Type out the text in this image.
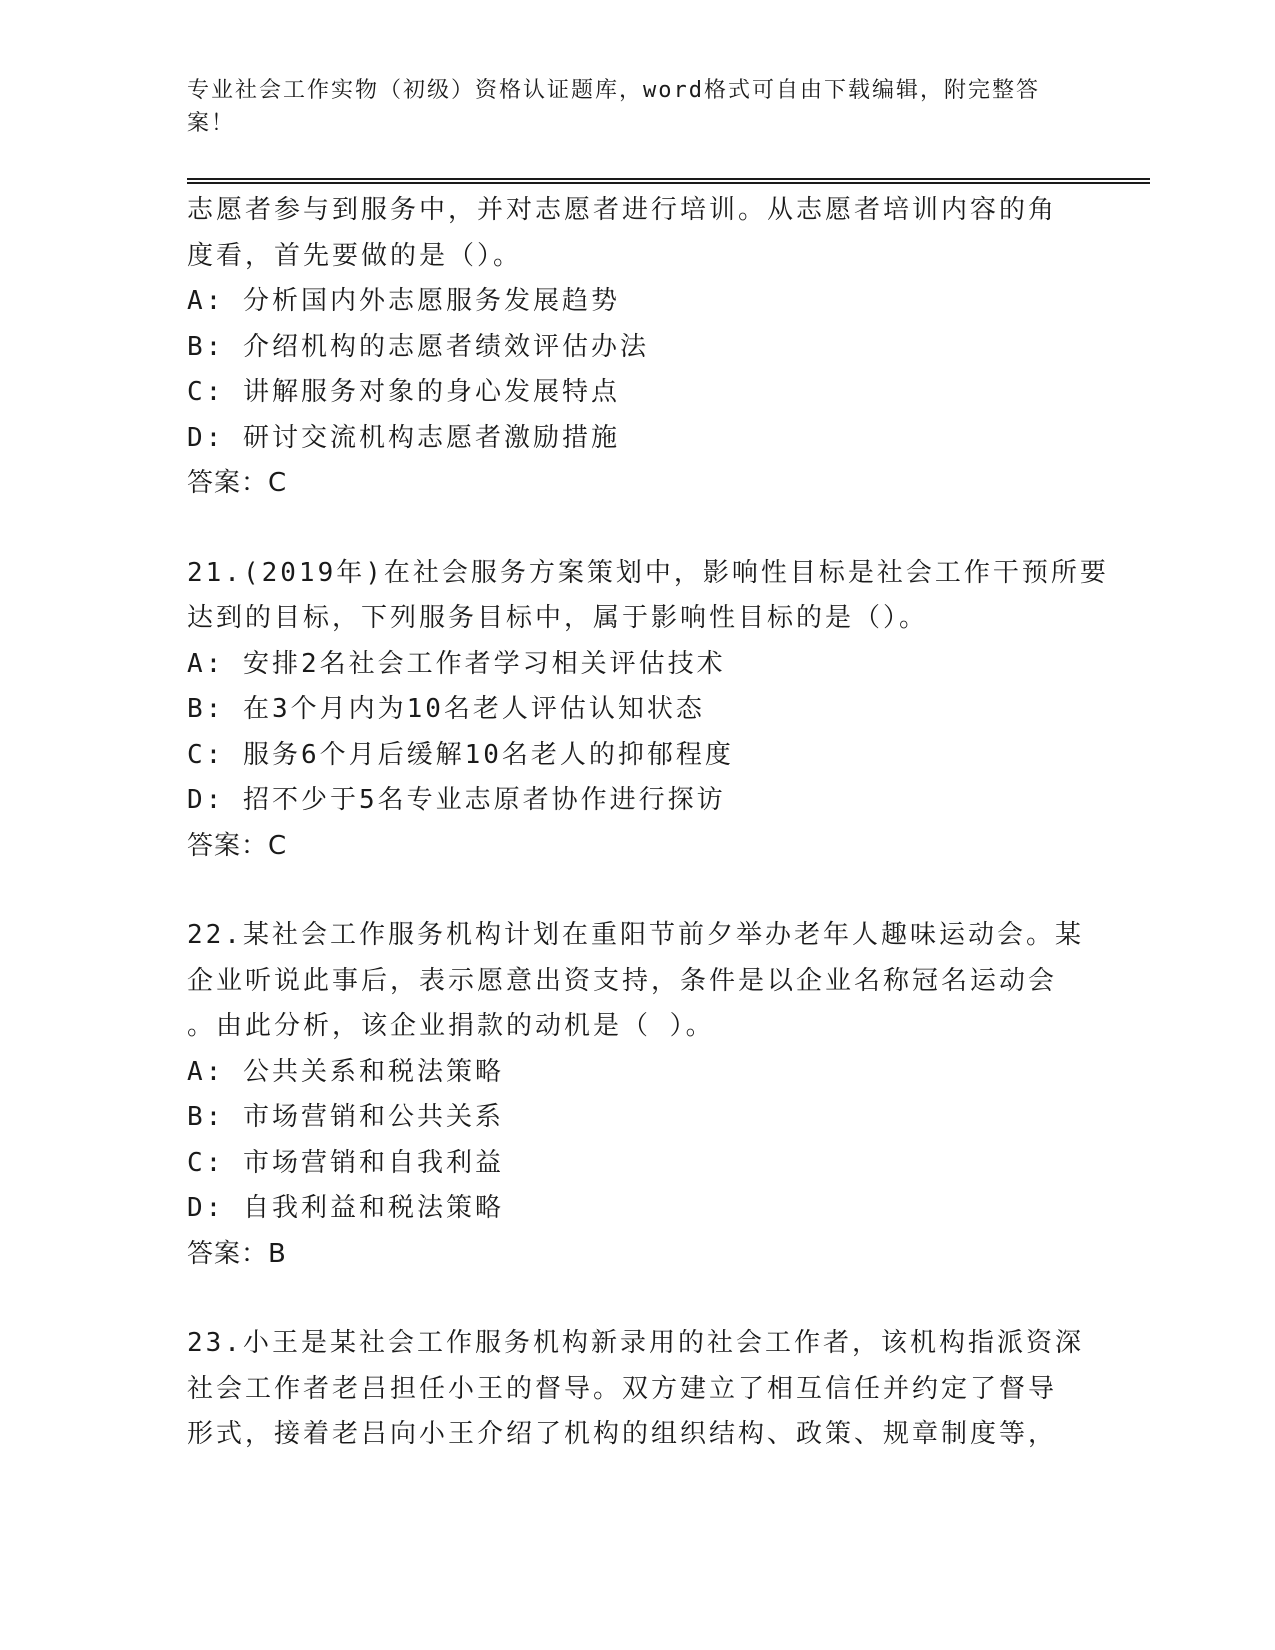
专业社会工作实物（初级）资格认证题库，word格式可自由下载编辑，附完整答案！
志愿者参与到服务中，并对志愿者进行培训。从志愿者培训内容的角
度看，首先要做的是（）。
A: 分析国内外志愿服务发展趋势
B: 介绍机构的志愿者绩效评估办法
C: 讲解服务对象的身心发展特点
D: 研讨交流机构志愿者激励措施
答案：C
21.(2019年)在社会服务方案策划中，影响性目标是社会工作干预所要
达到的目标，下列服务目标中，属于影响性目标的是（）。
A: 安排2名社会工作者学习相关评估技术
B: 在3个月内为10名老人评估认知状态
C: 服务6个月后缓解10名老人的抑郁程度
D: 招不少于5名专业志原者协作进行探访
答案：C
22.某社会工作服务机构计划在重阳节前夕举办老年人趣味运动会。某
企业听说此事后，表示愿意出资支持，条件是以企业名称冠名运动会
。由此分析，该企业捐款的动机是（ ）。
A: 公共关系和税法策略
B: 市场营销和公共关系
C: 市场营销和自我利益
D: 自我利益和税法策略
答案：B
23.小王是某社会工作服务机构新录用的社会工作者，该机构指派资深
社会工作者老吕担任小王的督导。双方建立了相互信任并约定了督导
形式，接着老吕向小王介绍了机构的组织结构、政策、规章制度等，
